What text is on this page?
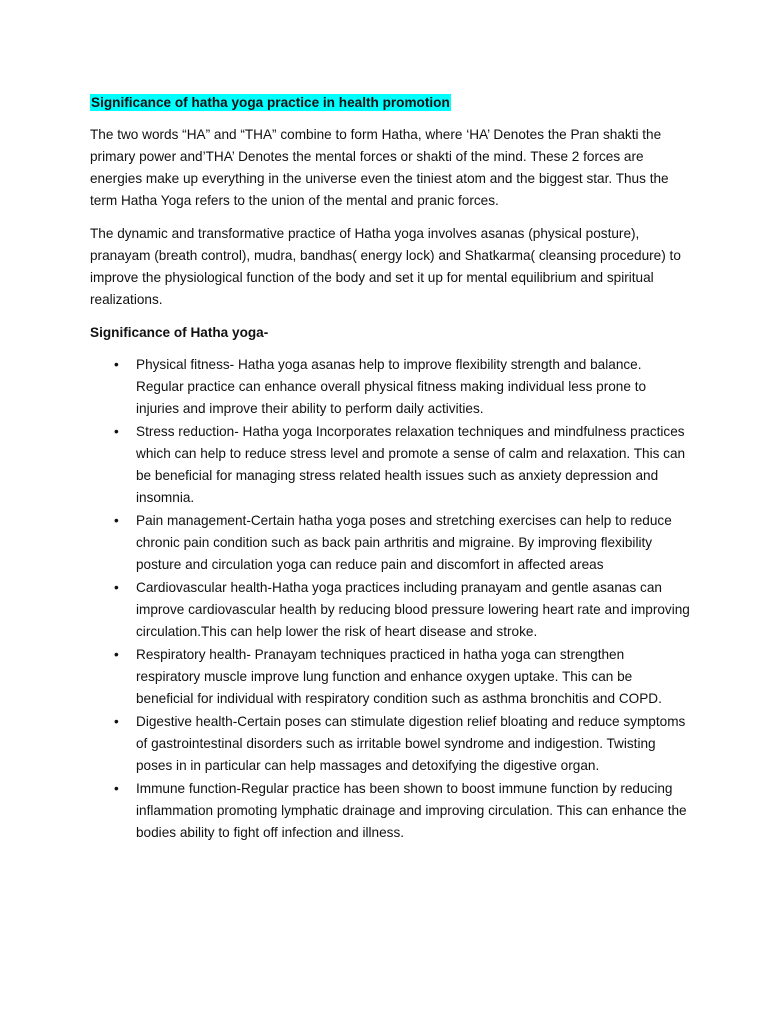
Significance of hatha yoga practice in health promotion

The two words “HA” and “THA” combine to form Hatha, where ‘HA’ Denotes the Pran shakti the primary power and’THA’ Denotes the mental forces or shakti of the mind. These 2 forces are energies make up everything in the universe even the tiniest atom and the biggest star. Thus the term Hatha Yoga refers to the union of the mental and pranic forces.

The dynamic and transformative practice of Hatha yoga involves asanas (physical posture), pranayam (breath control), mudra, bandhas( energy lock) and Shatkarma( cleansing procedure) to improve the physiological function of the body and set it up for mental equilibrium and spiritual realizations.

Significance of Hatha yoga-
• Physical fitness- Hatha yoga asanas help to improve flexibility strength and balance. Regular practice can enhance overall physical fitness making individual less prone to injuries and improve their ability to perform daily activities.
• Stress reduction- Hatha yoga Incorporates relaxation techniques and mindfulness practices which can help to reduce stress level and promote a sense of calm and relaxation. This can be beneficial for managing stress related health issues such as anxiety depression and insomnia.
• Pain management-Certain hatha yoga poses and stretching exercises can help to reduce chronic pain condition such as back pain arthritis and migraine. By improving flexibility posture and circulation yoga can reduce pain and discomfort in affected areas
• Cardiovascular health-Hatha yoga practices including pranayam and gentle asanas can improve cardiovascular health by reducing blood pressure lowering heart rate and improving circulation.This can help lower the risk of heart disease and stroke.
• Respiratory health- Pranayam techniques practiced in hatha yoga can strengthen respiratory muscle improve lung function and enhance oxygen uptake. This can be beneficial for individual with respiratory condition such as asthma bronchitis and COPD.
• Digestive health-Certain poses can stimulate digestion relief bloating and reduce symptoms of gastrointestinal disorders such as irritable bowel syndrome and indigestion. Twisting poses in in particular can help massages and detoxifying the digestive organ.
• Immune function-Regular practice has been shown to boost immune function by reducing inflammation promoting lymphatic drainage and improving circulation. This can enhance the bodies ability to fight off infection and illness.
